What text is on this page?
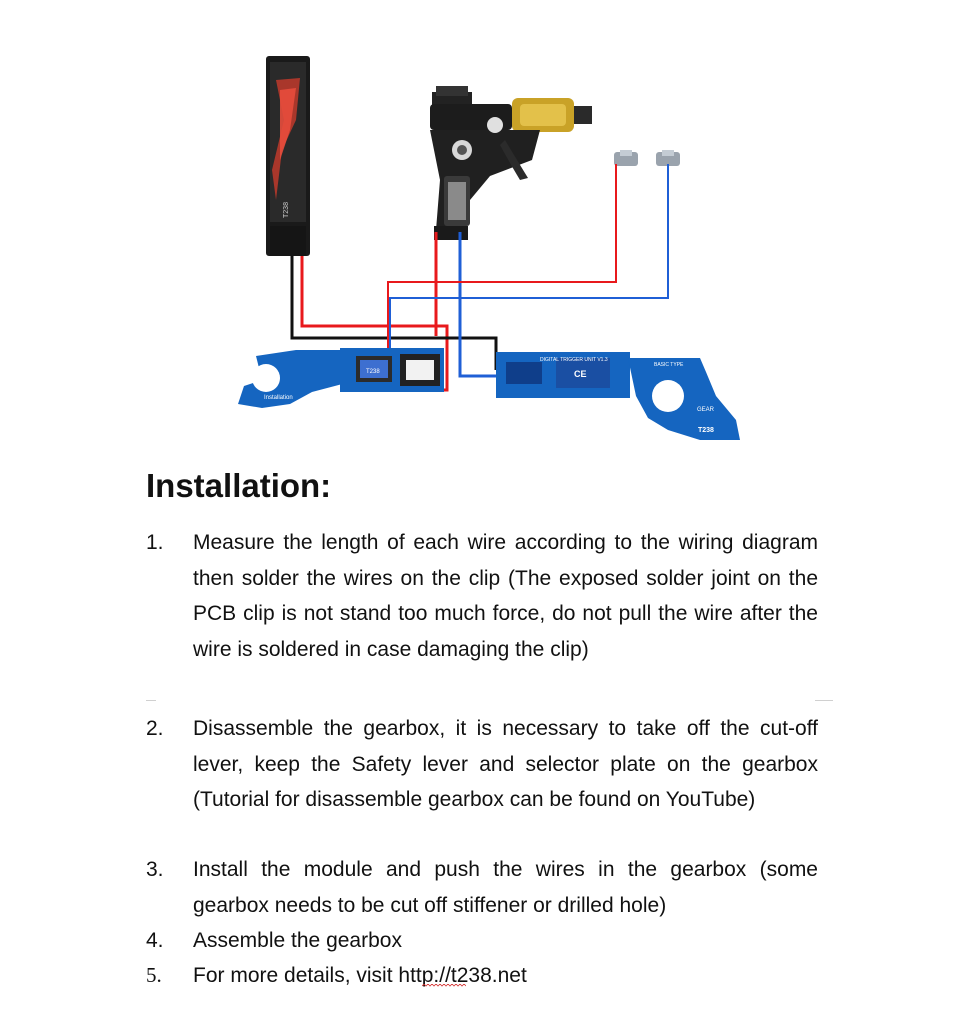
T238
Installation
T238
DIGITAL TRIGGER UNIT V1.3
CE
BASIC TYPE
GEAR
T238
Installation:
1.	Measure the length of each wire according to the wiring diagram then solder the wires on the clip (The exposed solder joint on the PCB clip is not stand too much force, do not pull the wire after the wire is soldered in case damaging the clip)
2.	Disassemble the gearbox, it is necessary to take off the cut-off lever, keep the Safety lever and selector plate on the gearbox (Tutorial for disassemble gearbox can be found on YouTube)
3.	Install the module and push the wires in the gearbox (some gearbox needs to be cut off stiffener or drilled hole)
4.	Assemble the gearbox
5.	For more details, visit http://t238.net
